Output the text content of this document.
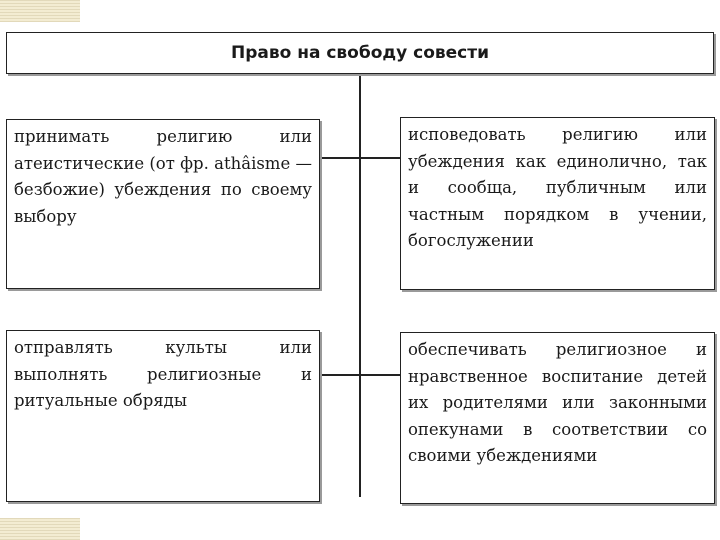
Право на свободу совести
принимать религию или атеистические (от фр. athâisme — безбожие) убеждения по своему выбору
исповедовать религию или убеждения как единолично, так и сообща, публичным или частным порядком в учении, богослужении
отправлять культы или выполнять религиозные и ритуальные обряды
обеспечивать религиозное и нравственное воспитание детей их родителями или законными опекунами в соответствии со своими убеждениями
